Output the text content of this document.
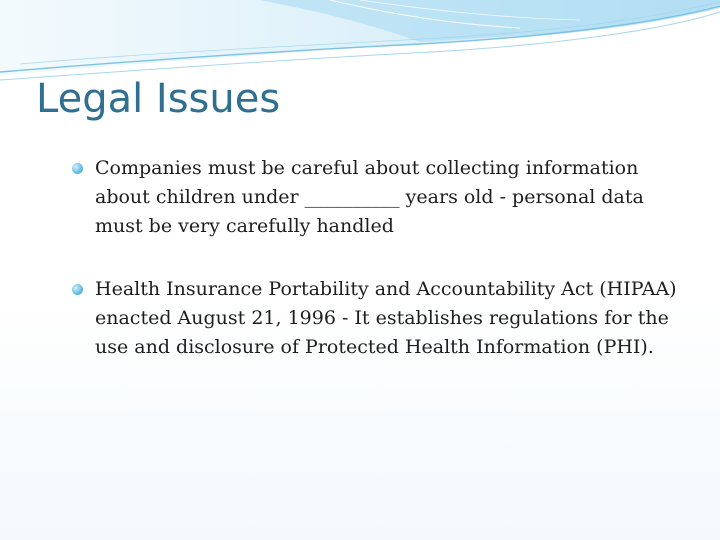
Legal Issues
Companies must be careful about collecting information about children under __________ years old - personal data must be very carefully handled
Health Insurance Portability and Accountability Act (HIPAA) enacted August 21, 1996 - It establishes regulations for the use and disclosure of Protected Health Information (PHI).
